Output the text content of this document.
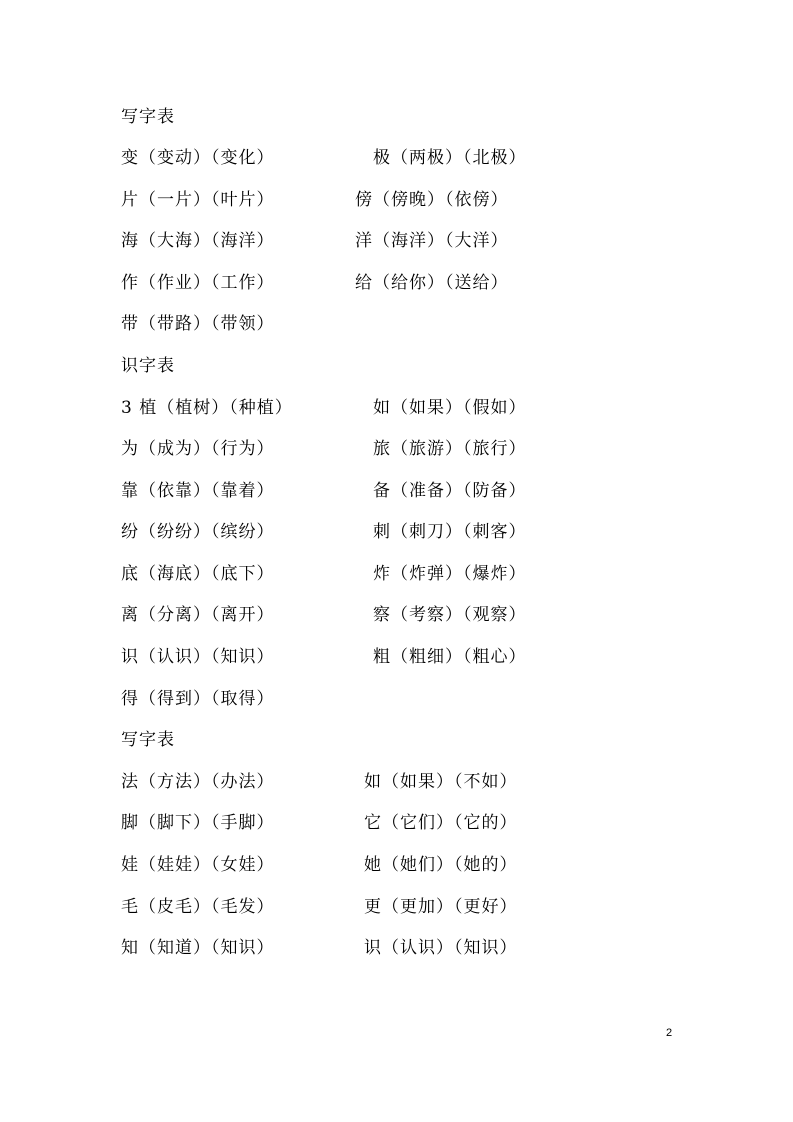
写字表
变（变动）（变化）	极（两极）（北极）
片（一片）（叶片）	傍（傍晚）（依傍）
海（大海）（海洋）	洋（海洋）（大洋）
作（作业）（工作）	给（给你）（送给）
带（带路）（带领）
识字表
3 植（植树）（种植）	如（如果）（假如）
为（成为）（行为）	旅（旅游）（旅行）
靠（依靠）（靠着）	备（准备）（防备）
纷（纷纷）（缤纷）	刺（刺刀）（刺客）
底（海底）（底下）	炸（炸弹）（爆炸）
离（分离）（离开）	察（考察）（观察）
识（认识）（知识）	粗（粗细）（粗心）
得（得到）（取得）
写字表
法（方法）（办法）	如（如果）（不如）
脚（脚下）（手脚）	它（它们）（它的）
娃（娃娃）（女娃）	她（她们）（她的）
毛（皮毛）（毛发）	更（更加）（更好）
知（知道）（知识）	识（认识）（知识）
2
